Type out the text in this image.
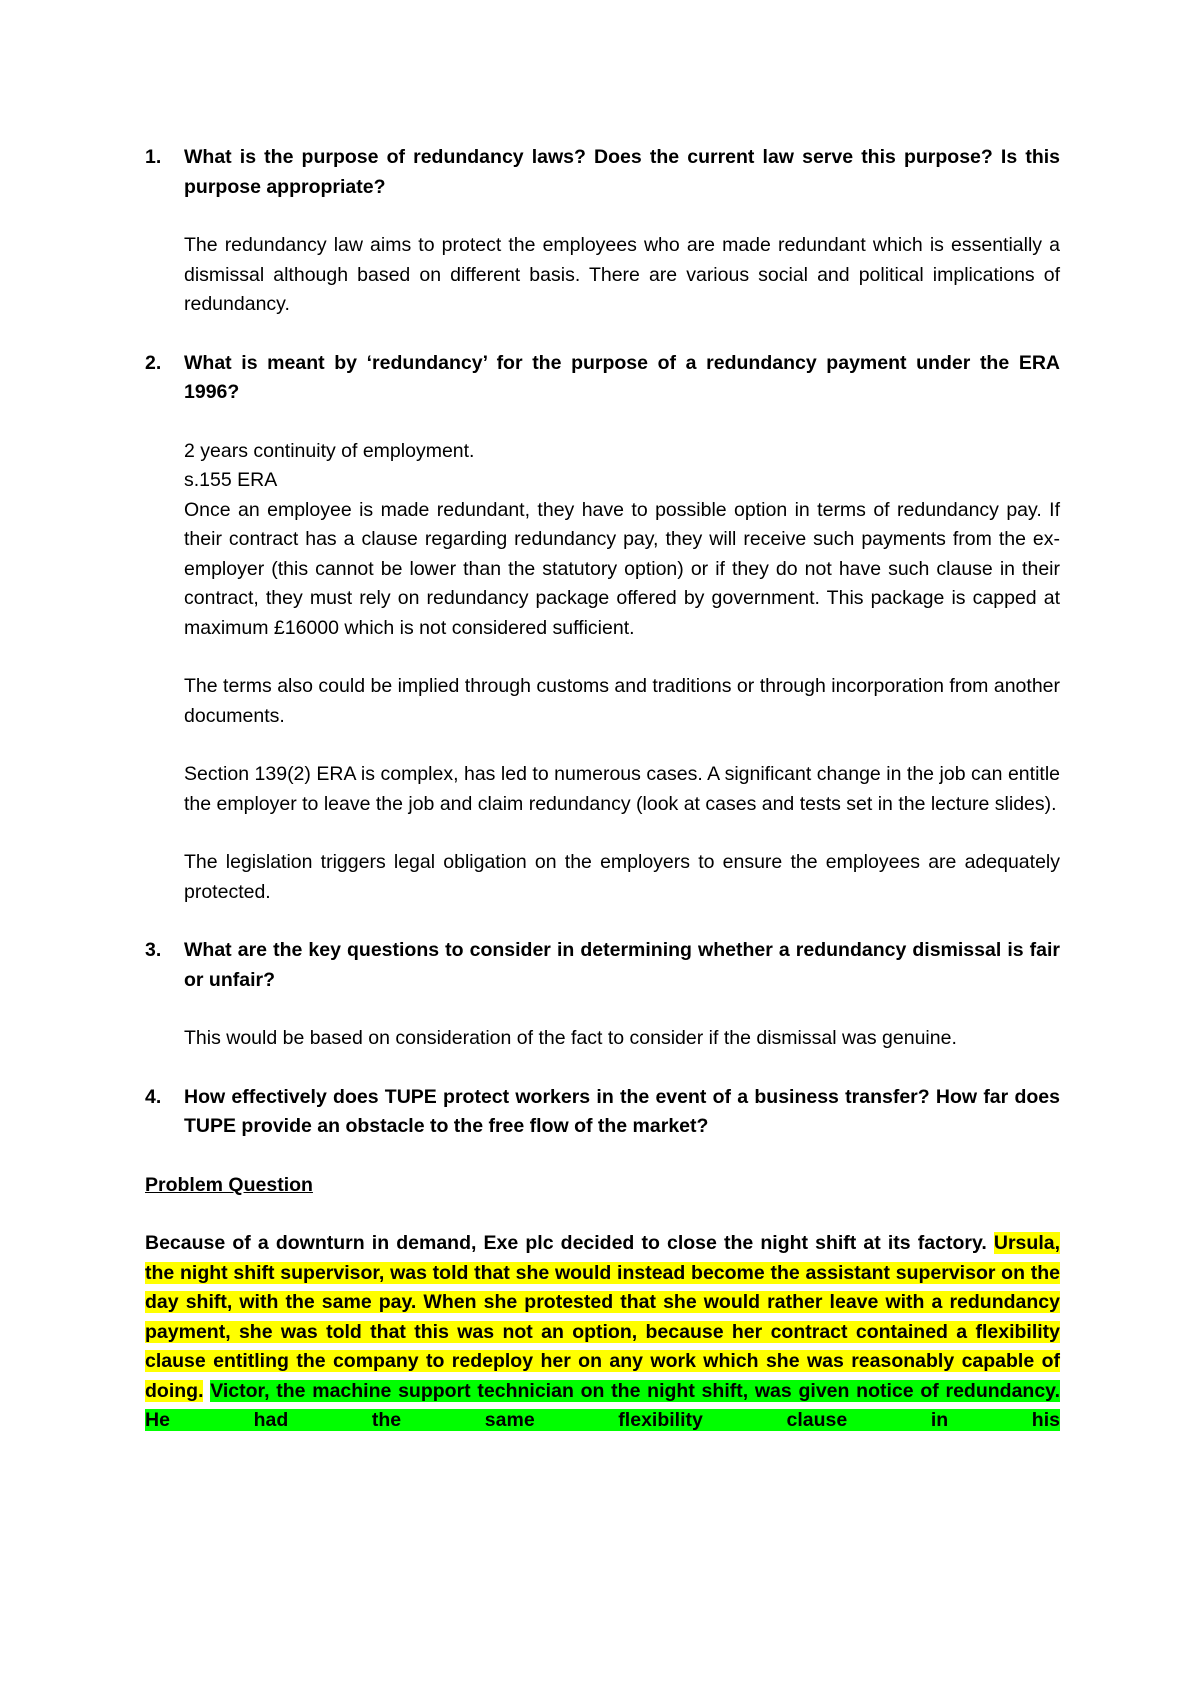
1. What is the purpose of redundancy laws? Does the current law serve this purpose? Is this purpose appropriate?
The redundancy law aims to protect the employees who are made redundant which is essentially a dismissal although based on different basis. There are various social and political implications of redundancy.
2. What is meant by ‘redundancy’ for the purpose of a redundancy payment under the ERA 1996?
2 years continuity of employment.
s.155 ERA
Once an employee is made redundant, they have to possible option in terms of redundancy pay. If their contract has a clause regarding redundancy pay, they will receive such payments from the ex-employer (this cannot be lower than the statutory option) or if they do not have such clause in their contract, they must rely on redundancy package offered by government. This package is capped at maximum £16000 which is not considered sufficient.
The terms also could be implied through customs and traditions or through incorporation from another documents.
Section 139(2) ERA is complex, has led to numerous cases. A significant change in the job can entitle the employer to leave the job and claim redundancy (look at cases and tests set in the lecture slides).
The legislation triggers legal obligation on the employers to ensure the employees are adequately protected.
3. What are the key questions to consider in determining whether a redundancy dismissal is fair or unfair?
This would be based on consideration of the fact to consider if the dismissal was genuine.
4. How effectively does TUPE protect workers in the event of a business transfer? How far does TUPE provide an obstacle to the free flow of the market?
Problem Question
Because of a downturn in demand, Exe plc decided to close the night shift at its factory. Ursula, the night shift supervisor, was told that she would instead become the assistant supervisor on the day shift, with the same pay. When she protested that she would rather leave with a redundancy payment, she was told that this was not an option, because her contract contained a flexibility clause entitling the company to redeploy her on any work which she was reasonably capable of doing. Victor, the machine support technician on the night shift, was given notice of redundancy. He had the same flexibility clause in his
